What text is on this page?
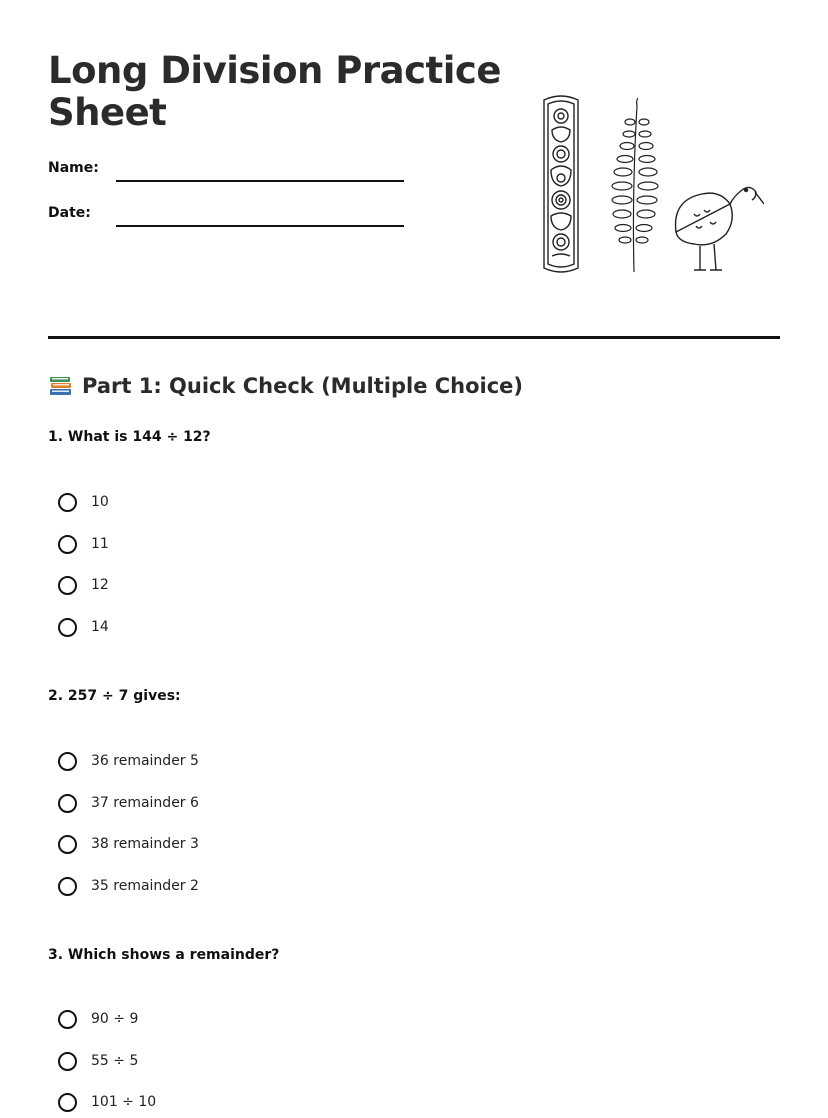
Long Division Practice
Sheet
Name:
Date:
Part 1: Quick Check (Multiple Choice)
1. What is 144 ÷ 12?
10
11
12
14
2. 257 ÷ 7 gives:
36 remainder 5
37 remainder 6
38 remainder 3
35 remainder 2
3. Which shows a remainder?
90 ÷ 9
55 ÷ 5
101 ÷ 10
